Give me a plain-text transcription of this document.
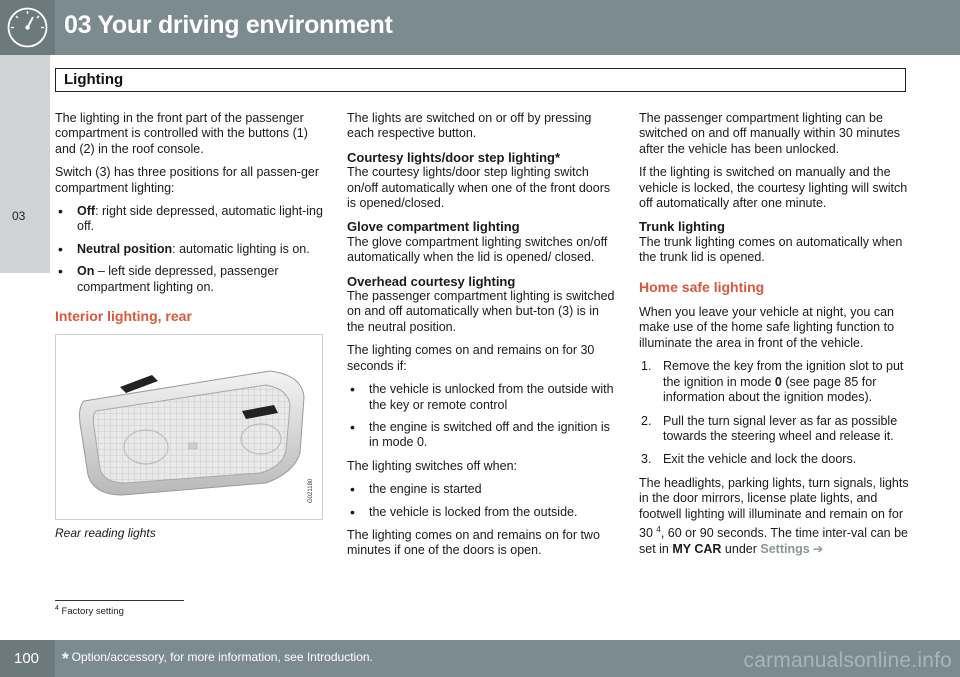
03 Your driving environment
03
Lighting

The lighting in the front part of the passenger compartment is controlled with the buttons (1) and (2) in the roof console.

Switch (3) has three positions for all passen-ger compartment lighting:

• Off: right side depressed, automatic light-ing off.
• Neutral position: automatic lighting is on.
• On – left side depressed, passenger compartment lighting on.
Interior lighting, rear
G021180
Rear reading lights

The lights are switched on or off by pressing each respective button.

Courtesy lights/door step lighting*

The courtesy lights/door step lighting switch on/off automatically when one of the front doors is opened/closed.

Glove compartment lighting

The glove compartment lighting switches on/off automatically when the lid is opened/ closed.

Overhead courtesy lighting

The passenger compartment lighting is switched on and off automatically when but-ton (3) is in the neutral position.

The lighting comes on and remains on for 30 seconds if:

• the vehicle is unlocked from the outside with the key or remote control
• the engine is switched off and the ignition is in mode 0.

The lighting switches off when:

• the engine is started
• the vehicle is locked from the outside.

The lighting comes on and remains on for two minutes if one of the doors is open.

The passenger compartment lighting can be switched on and off manually within 30 minutes after the vehicle has been unlocked.

If the lighting is switched on manually and the vehicle is locked, the courtesy lighting will switch off automatically after one minute.

Trunk lighting

The trunk lighting comes on automatically when the trunk lid is opened.

Home safe lighting

When you leave your vehicle at night, you can make use of the home safe lighting function to illuminate the area in front of the vehicle.

1. Remove the key from the ignition slot to put the ignition in mode 0 (see page 85 for information about the ignition modes).
2. Pull the turn signal lever as far as possible towards the steering wheel and release it.
3. Exit the vehicle and lock the doors.

The headlights, parking lights, turn signals, lights in the door mirrors, license plate lights, and footwell lighting will illuminate and remain on for 30 $^4$, 60 or 90 seconds. The time inter-val can be set in MY CAR under Settings ➔

$^4$ Factory setting
100 * Option/accessory, for more information, see Introduction.	carmanualsonline.info
